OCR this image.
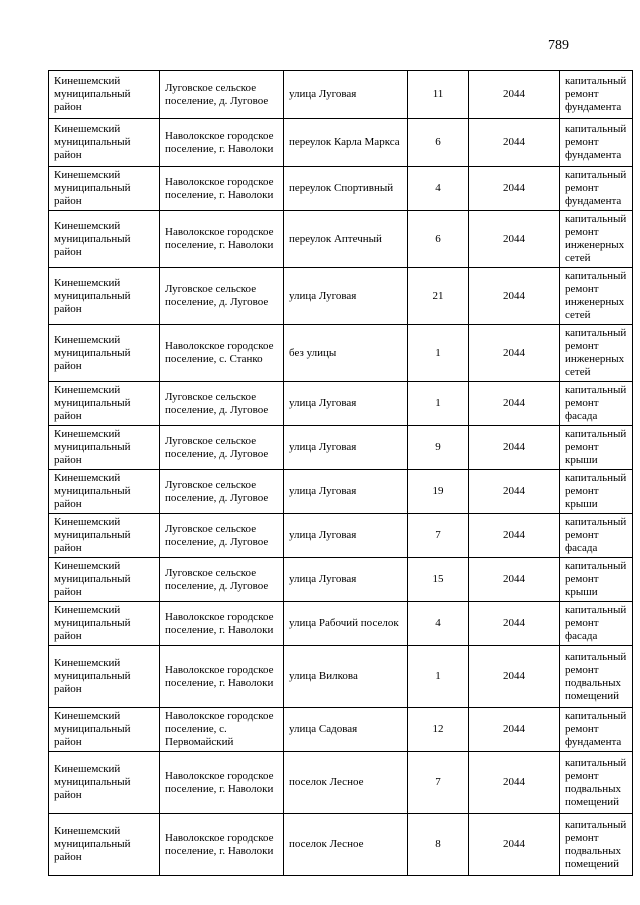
789
Кинешемский муниципальный район	Луговское сельское поселение, д. Луговое	улица Луговая	11	2044	капитальный ремонт фундамента
Кинешемский муниципальный район	Наволокское городское поселение, г. Наволоки	переулок Карла Маркса	6	2044	капитальный ремонт фундамента
Кинешемский муниципальный район	Наволокское городское поселение, г. Наволоки	переулок Спортивный	4	2044	капитальный ремонт фундамента
Кинешемский муниципальный район	Наволокское городское поселение, г. Наволоки	переулок Аптечный	6	2044	капитальный ремонт инженерных сетей
Кинешемский муниципальный район	Луговское сельское поселение, д. Луговое	улица Луговая	21	2044	капитальный ремонт инженерных сетей
Кинешемский муниципальный район	Наволокское городское поселение, с. Станко	без улицы	1	2044	капитальный ремонт инженерных сетей
Кинешемский муниципальный район	Луговское сельское поселение, д. Луговое	улица Луговая	1	2044	капитальный ремонт фасада
Кинешемский муниципальный район	Луговское сельское поселение, д. Луговое	улица Луговая	9	2044	капитальный ремонт крыши
Кинешемский муниципальный район	Луговское сельское поселение, д. Луговое	улица Луговая	19	2044	капитальный ремонт крыши
Кинешемский муниципальный район	Луговское сельское поселение, д. Луговое	улица Луговая	7	2044	капитальный ремонт фасада
Кинешемский муниципальный район	Луговское сельское поселение, д. Луговое	улица Луговая	15	2044	капитальный ремонт крыши
Кинешемский муниципальный район	Наволокское городское поселение, г. Наволоки	улица Рабочий поселок	4	2044	капитальный ремонт фасада
Кинешемский муниципальный район	Наволокское городское поселение, г. Наволоки	улица Вилкова	1	2044	капитальный ремонт подвальных помещений
Кинешемский муниципальный район	Наволокское городское поселение, с. Первомайский	улица Садовая	12	2044	капитальный ремонт фундамента
Кинешемский муниципальный район	Наволокское городское поселение, г. Наволоки	поселок Лесное	7	2044	капитальный ремонт подвальных помещений
Кинешемский муниципальный район	Наволокское городское поселение, г. Наволоки	поселок Лесное	8	2044	капитальный ремонт подвальных помещений
